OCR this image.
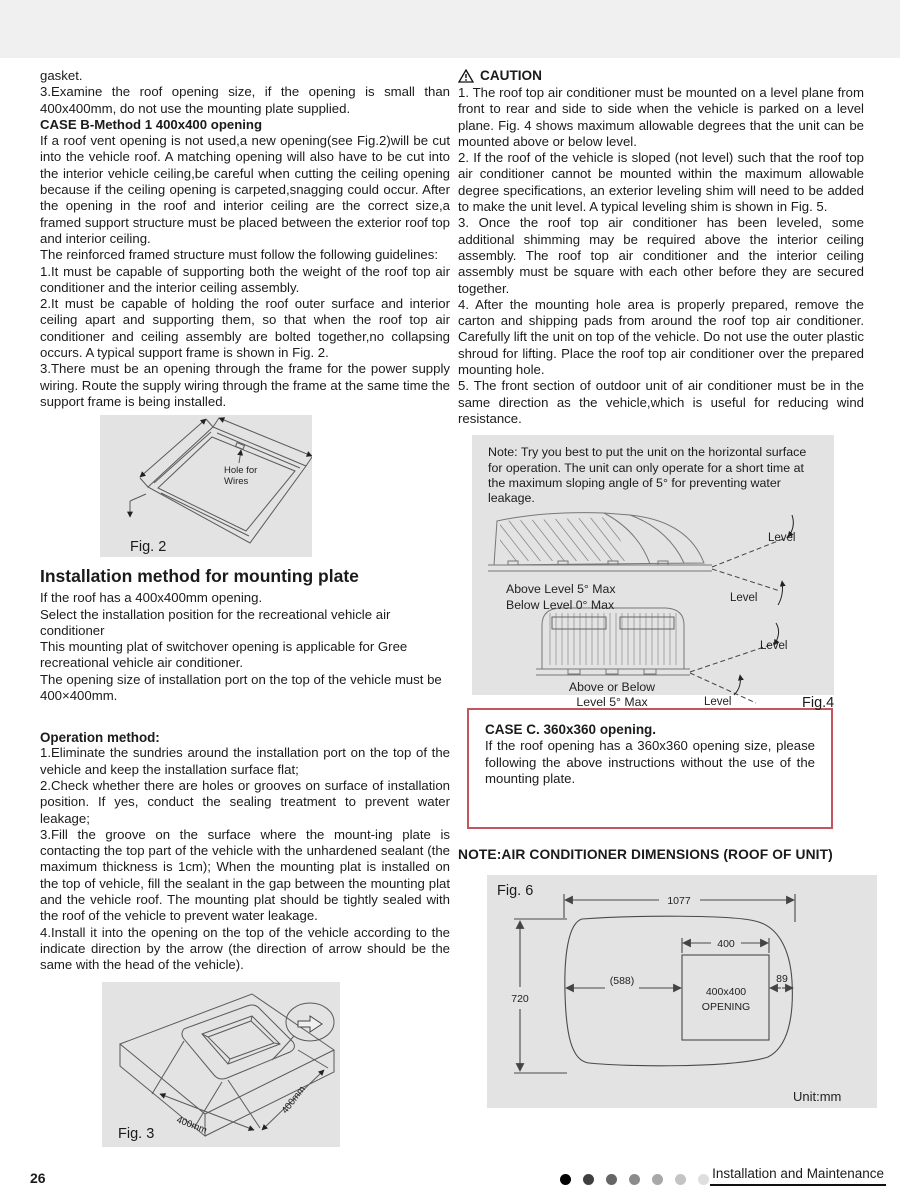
gasket.

3.Examine the roof opening size, if the opening is small than 400x400mm, do not use the mounting plate supplied.

CASE B-Method 1 400x400 opening

If a roof vent opening is not used,a new opening(see Fig.2)will be cut into the vehicle roof. A matching opening will also have to be cut into the interior vehicle ceiling,be careful when cutting the ceiling opening because if the ceiling opening is carpeted,snagging could occur. After the opening in the roof and interior ceiling are the correct size,a framed support structure must be placed between the exterior roof top and interior ceiling.

The reinforced framed structure must follow the following guidelines:

1.It must be capable of supporting both the weight of the roof top air conditioner and the interior ceiling assembly.

2.It must be capable of holding the roof outer surface and interior ceiling apart and supporting them, so that when the roof top air conditioner and ceiling assembly are bolted together,no collapsing occurs. A typical support frame is shown in Fig. 2.

3.There must be an opening through the frame for the power supply wiring. Route the supply wiring through the frame at the same time the support frame is being installed.

Hole for
Wires
Fig. 2
Installation method for mounting plate

If the roof has a 400x400mm opening.

Select the installation position for the recreational vehicle air conditioner

This mounting plat of switchover opening is applicable for Gree recreational vehicle air conditioner.

The opening size of installation port on the top of the vehicle must be 400×400mm.

Operation method:

1.Eliminate the sundries around the installation port on the top of the vehicle and keep the installation surface flat;

2.Check whether there are holes or grooves on surface of installation position. If yes, conduct the sealing treatment to prevent water leakage;

3.Fill the groove on the surface where the mount-ing plate is contacting the top part of the vehicle with the unhardened sealant (the maximum thickness is 1cm); When the mounting plat is installed on the top of vehicle, fill the sealant in the gap between the mounting plat and the vehicle roof. The mounting plat should be tightly sealed with the roof of the vehicle to prevent water leakage.

4.Install it into the opening on the top of the vehicle according to the indicate direction by the arrow (the direction of arrow should be the same with the head of the vehicle).

400mm
400mm
Fig. 3
CAUTION

1. The roof top air conditioner must be mounted on a level plane from front to rear and side to side when the vehicle is parked on a level plane. Fig. 4 shows maximum allowable degrees that the unit can be mounted above or below level.

2. If the roof of the vehicle is sloped (not level) such that the roof top air conditioner cannot be mounted within the maximum allowable degree specifications, an exterior leveling shim will need to be added to make the unit level. A typical leveling shim is shown in Fig. 5.

3. Once the roof top air conditioner has been leveled, some additional shimming may be required above the interior ceiling assembly. The roof top air conditioner and the interior ceiling assembly must be square with each other before they are secured together.

4. After the mounting hole area is properly prepared, remove the carton and shipping pads from around the roof top air conditioner. Carefully lift the unit on top of the vehicle. Do not use the outer plastic shroud for lifting. Place the roof top air conditioner over the prepared mounting hole.

5. The front section of outdoor unit of air conditioner must be in the same direction as the vehicle,which is useful for reducing wind resistance.

Note: Try you best to put the unit on the horizontal surface for operation. The unit can only operate for a short time at the maximum sloping angle of 5° for preventing water leakage.

Level
Level
Level
Level
Above Level 5° Max
Below Level 0° Max
Above or Below
Level 5° Max	Fig.4

CASE C. 360x360 opening.

If the roof opening has a 360x360 opening size, please following the above instructions without the use of the mounting plate.

NOTE:AIR CONDITIONER DIMENSIONS (ROOF OF UNIT)
Fig. 6
1077
720
400
(588)	89
400x400
OPENING
Unit:mm
26	Installation and Maintenance
